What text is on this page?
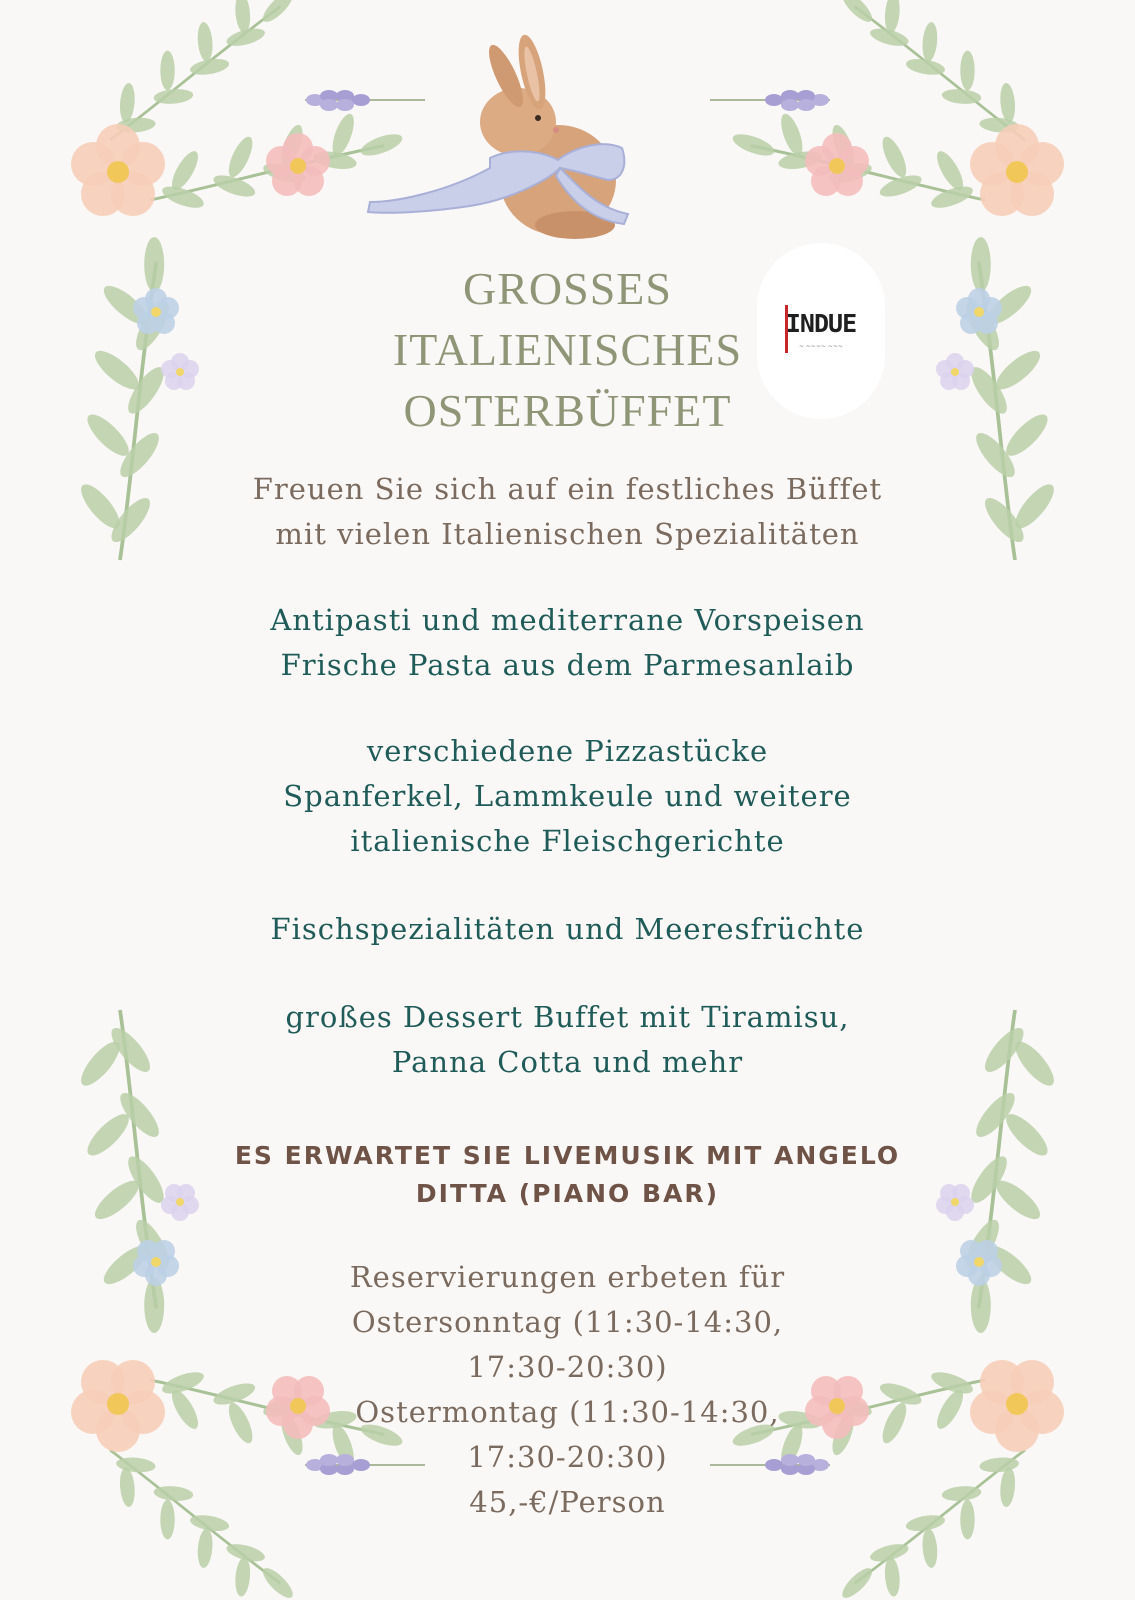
INDUE
~ ~~~~ ~~~
GROSSES
ITALIENISCHES
OSTERBÜFFET

Freuen Sie sich auf ein festliches Büffet
mit vielen Italienischen Spezialitäten

Antipasti und mediterrane Vorspeisen
Frische Pasta aus dem Parmesanlaib

verschiedene Pizzastücke
Spanferkel, Lammkeule und weitere
italienische Fleischgerichte

Fischspezialitäten und Meeresfrüchte

großes Dessert Buffet mit Tiramisu,
Panna Cotta und mehr

ES ERWARTET SIE LIVEMUSIK MIT ANGELO
DITTA (PIANO BAR)

Reservierungen erbeten für
Ostersonntag (11:30-14:30,
17:30-20:30)
Ostermontag (11:30-14:30,
17:30-20:30)
45,-€/Person
